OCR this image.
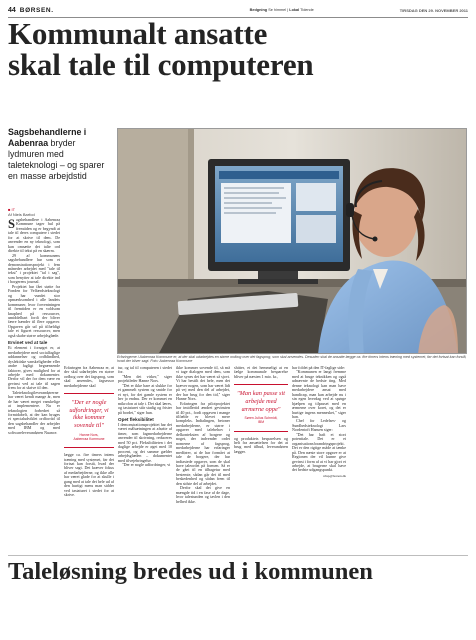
44 BØRSEN.	Bedgning Se himmel | Lokal Tidende	TIRSDAG DEN 29. NOVEMBER 2011
Kommunalt ansatte
skal tale til computeren
Sagsbehandlerne i Aabenraa bryder lydmuren med taleteknologi – og sparer en masse arbejdstid
■ IT
Af Niels Barfod
Erfaringerne i Aabenraa Kommune er, at der skal udarbejdes en større ordbog over det fagsprog, som skal anvendes. Desuden skal de ansatte lægge ca. fire timers intens træning med systemet, før det fortsat kan forstå, hvad der bliver sagt. Foto: Aabenraa Kommune

Sagsbehandlere i Aabenraa Kommune tager hul på fremtiden og er begyndt at tale til deres computere i stedet for at skrive til dem. De anvender en ny teknologi, som kan omsætte det talte ord direkte til tekst på en skærm.

29 af kommunens sagsbehandlere har som et demonstrationsprojekt i fem måneder arbejdet med "tale til tekst" i projektet "tal i sag", som benytter at tale direkte ind i borgerens journal.

Projektet har fået støtte fra Fonden for Velfærdsteknologi og har vundet stor opmærksomhed i alle landets kommuner, hvor forventningen til fremtiden er en voldsom knaphed på ressourcer, umiddelbart fordi der bliver færre hænder til flere opgaver. Opgaven går ud på tilfældigt tale et figuret ressourcer, men også skabe større arbejdsglæde.

Ervinet ved at tale

Et element i forsøget er, at medarbejdere med socialfaglige uddannelser og ordblindhed, dyslektiske vanskeligheder eller andre fagligt begrænsende faktorer, gives mulighed for at arbejde med dokumenter. Derfor vil der for dem være en gevinst ved at tale til sagen frem for at skrive til den.

Taleteknologileverandørerne har været kendt mange år, men de har været meget vanskelige at implementere. Nu er teknologien forbedret så formidabelt, at der kan bruges et specialudviklet ordforråd til den sagsbehandler der arbejder med IBM og med softwareleverandøren Nuance.

Erfaringen fra Aabenraa er, at der skal udarbejdes en større ordbog over det fagsprog, som skal anvendes, fagsessor medarbejderne skal

"Der er nogle udfordringer, vi ikke kommer sovende til"
Hanne Nors,
Aabenraa Kommune

lægge ca. fire timers intens træning med systemet, før det fortsat kan forstå, hvad der bliver sagt. Det kræver fokus af medarbejderne, og ikke alle har været glade for at skulle i gang med at tale det hele ud af den hurtigt mens man sidder ved tastaturet i stedet for at skrive.

tur, og tal til computeren i stedet for.

"Men det virker," siger projektleder Hanne Nors.

"Det er ikke bare at slukke for et gammelt system og smide for et nyt, for det gamle system er her jo endnu. Der er kommet en mikrofon at tale i. Det skal læres, og tastaturet står stadig og frister på bordet," siger hun.

Opet fleksibilitet

I demonstrationsprojektet har det været målsætningen at afsøtte af timer, som fagmedarbejderne anvender til skrivning, reduceres med 50 pct. Fleksibiliteten i det daglige arbejde er øget med 10 procent, og det samme gælder arbejdsglæden – dokumentet med tilvejebringelse.

"Der er nogle udfordringer, vi

ikke kommer sovende til, så må vi tage dialogen med dem, som ikke synes det har været så sjovt. Vi har bestilt det hele, men det kræver nogen, som har været lidt på vej med den del af arbejdet, der har brug for den tid," siger Hanne Nors.

Erfaringen fra pilotprojektet har imidlertid ændret gevinsten til 40 pct., fordi opgaven i mange tilfælde er blevet mere kompleks. Indtalingen, betoner medarbejderne, er større i opgaver med talebehov i delkonteksten af borgere og noget, der indvender ordet nomerne af fagsprog, medarbejderne har erfaringer medfører, at de har formået at tale de borgere, der har indtastede opgaver, som de skal have taleordet på formen. Så er de gået til en tilbagetur med bestemte, sådan går det til med beskedenhed og sådan frem til den sidste del af arbejdet.

Derfor skal det give en mængde tid i en fase af de dage, hvor talestunden og tavlen i den helhed ikke.

shitter, et det hemmeligt at en fælge kommunale besparelse bliver på næsten 1 mio. kr.,

"Man kan passe sit arbejde med ærmerne oppe"
Søren Julius Schmidt,
IBM

og produktets besparelsen og helt fra ansættelsen for det at brug med tilbud, leverandøren lægger.

har foldet på den IT-faglige side:

"Kommunen er langt fremme med at bruge teknikken og også udnævnte de bedste ting. Med denne teknologi kan man have medarbejdere ansat med handicap, man kan arbejde nu i sin egen hverdag ved at spørge hjælpen og tilpasset med en ærmerne over koret, og det er hurtige ingens mennesket," siger han.

Chef for Ledelses- og Sundhedsteknologi Lars Nordentoft Hansen siger:

"Det har haft et stort potentiale. Det er et organisationsforandringsprojekt. Det er den rigtige måde at tænke på. Den næste store opgave er at Regionen der vil kunne give gevinst i form af at vi har gjort et arbejde, at brugerne skal have det bedste udgangspunkt.

nbsp@borsen.dk
Taleløsning bredes ud i kommunen
